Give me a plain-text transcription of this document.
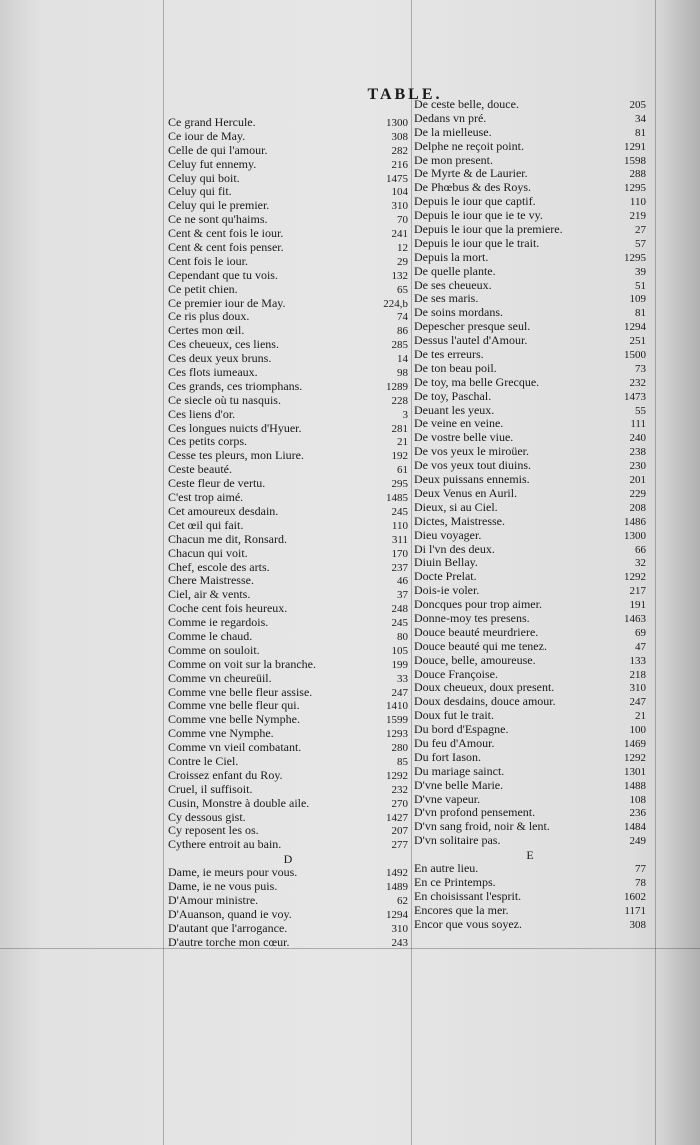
TABLE.
Ce grand Hercule.	1300
Ce iour de May.	308
Celle de qui l'amour.	282
Celuy fut ennemy.	216
Celuy qui boit.	1475
Celuy qui fit.	104
Celuy qui le premier.	310
Ce ne sont qu'haims.	70
Cent & cent fois le iour.	241
Cent & cent fois penser.	12
Cent fois le iour.	29
Cependant que tu vois.	132
Ce petit chien.	65
Ce premier iour de May.	224,b
Ce ris plus doux.	74
Certes mon œil.	86
Ces cheueux, ces liens.	285
Ces deux yeux bruns.	14
Ces flots iumeaux.	98
Ces grands, ces triomphans.	1289
Ce siecle où tu nasquis.	228
Ces liens d'or.	3
Ces longues nuicts d'Hyuer.	281
Ces petits corps.	21
Cesse tes pleurs, mon Liure.	192
Ceste beauté.	61
Ceste fleur de vertu.	295
C'est trop aimé.	1485
Cet amoureux desdain.	245
Cet œil qui fait.	110
Chacun me dit, Ronsard.	311
Chacun qui voit.	170
Chef, escole des arts.	237
Chere Maistresse.	46
Ciel, air & vents.	37
Coche cent fois heureux.	248
Comme ie regardois.	245
Comme le chaud.	80
Comme on souloit.	105
Comme on voit sur la branche.	199
Comme vn cheureüil.	33
Comme vne belle fleur assise.	247
Comme vne belle fleur qui.	1410
Comme vne belle Nymphe.	1599
Comme vne Nymphe.	1293
Comme vn vieil combatant.	280
Contre le Ciel.	85
Croissez enfant du Roy.	1292
Cruel, il suffisoit.	232
Cusin, Monstre à double aile.	270
Cy dessous gist.	1427
Cy reposent les os.	207
Cythere entroit au bain.	277
D
Dame, ie meurs pour vous.	1492
Dame, ie ne vous puis.	1489
D'Amour ministre.	62
D'Auanson, quand ie voy.	1294
D'autant que l'arrogance.	310
D'autre torche mon cœur.	243
De ceste belle, douce.	205
Dedans vn pré.	34
De la mielleuse.	81
Delphe ne reçoit point.	1291
De mon present.	1598
De Myrte & de Laurier.	288
De Phœbus & des Roys.	1295
Depuis le iour que captif.	110
Depuis le iour que ie te vy.	219
Depuis le iour que la premiere.	27
Depuis le iour que le trait.	57
Depuis la mort.	1295
De quelle plante.	39
De ses cheueux.	51
De ses maris.	109
De soins mordans.	81
Depescher presque seul.	1294
Dessus l'autel d'Amour.	251
De tes erreurs.	1500
De ton beau poil.	73
De toy, ma belle Grecque.	232
De toy, Paschal.	1473
Deuant les yeux.	55
De veine en veine.	111
De vostre belle viue.	240
De vos yeux le miroüer.	238
De vos yeux tout diuins.	230
Deux puissans ennemis.	201
Deux Venus en Auril.	229
Dieux, si au Ciel.	208
Dictes, Maistresse.	1486
Dieu voyager.	1300
Di l'vn des deux.	66
Diuin Bellay.	32
Docte Prelat.	1292
Dois-ie voler.	217
Doncques pour trop aimer.	191
Donne-moy tes presens.	1463
Douce beauté meurdriere.	69
Douce beauté qui me tenez.	47
Douce, belle, amoureuse.	133
Douce Françoise.	218
Doux cheueux, doux present.	310
Doux desdains, douce amour.	247
Doux fut le trait.	21
Du bord d'Espagne.	100
Du feu d'Amour.	1469
Du fort Iason.	1292
Du mariage sainct.	1301
D'vne belle Marie.	1488
D'vne vapeur.	108
D'vn profond pensement.	236
D'vn sang froid, noir & lent.	1484
D'vn solitaire pas.	249
E
En autre lieu.	77
En ce Printemps.	78
En choisissant l'esprit.	1602
Encores que la mer.	1171
Encor que vous soyez.	308
